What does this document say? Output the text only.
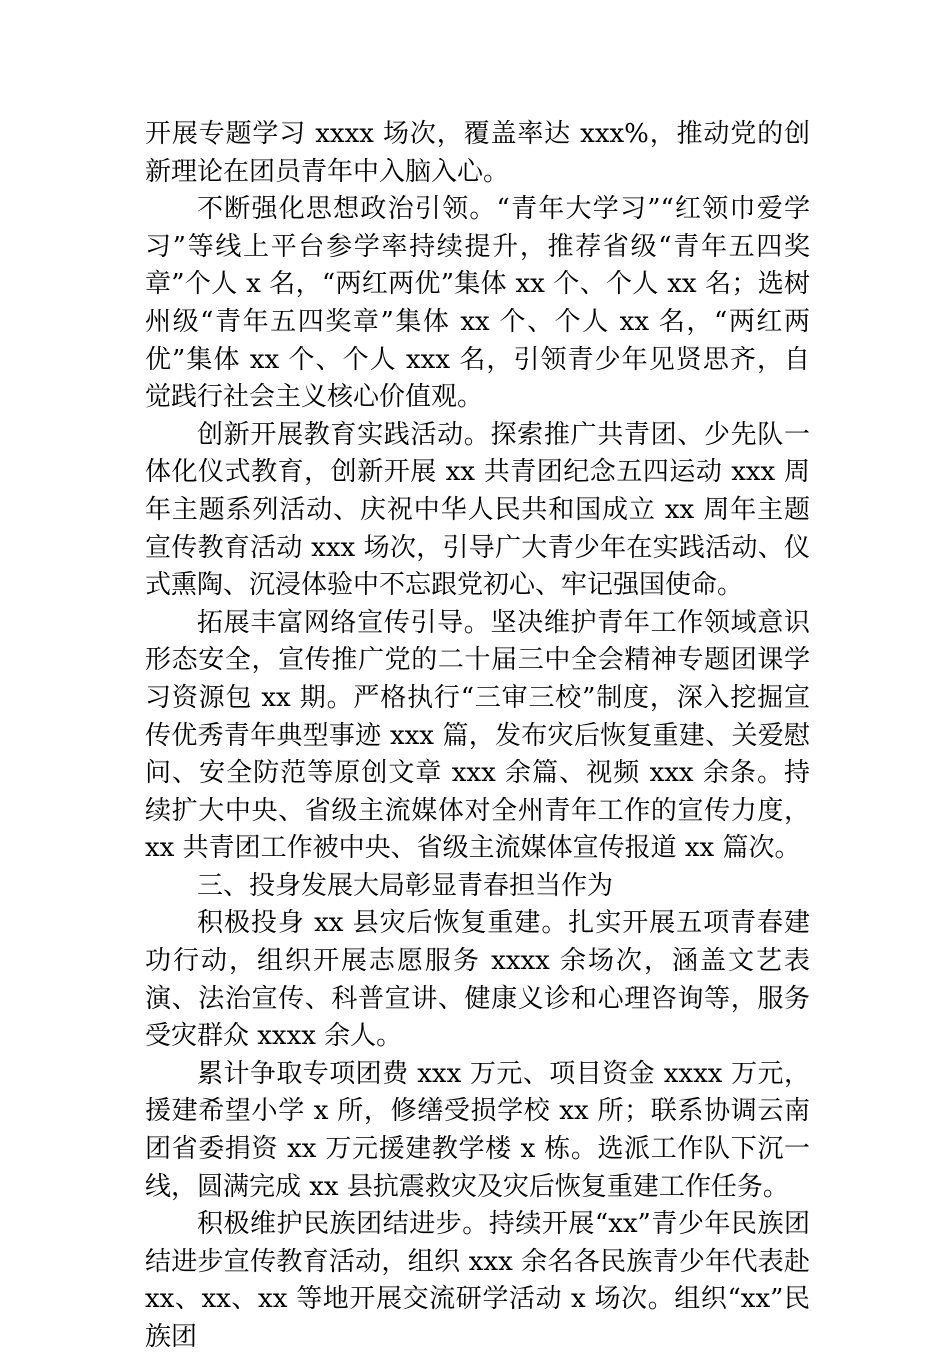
开展专题学习 xxxx 场次，覆盖率达 xxx%，推动党的创新理论在团员青年中入脑入心。

不断强化思想政治引领。“青年大学习”“红领巾爱学习”等线上平台参学率持续提升，推荐省级“青年五四奖章”个人 x 名，“两红两优”集体 xx 个、个人 xx 名；选树州级“青年五四奖章”集体 xx 个、个人 xx 名，“两红两优”集体 xx 个、个人 xxx 名，引领青少年见贤思齐，自觉践行社会主义核心价值观。

创新开展教育实践活动。探索推广共青团、少先队一体化仪式教育，创新开展 xx 共青团纪念五四运动 xxx 周年主题系列活动、庆祝中华人民共和国成立 xx 周年主题宣传教育活动 xxx 场次，引导广大青少年在实践活动、仪式熏陶、沉浸体验中不忘跟党初心、牢记强国使命。

拓展丰富网络宣传引导。坚决维护青年工作领域意识形态安全，宣传推广党的二十届三中全会精神专题团课学习资源包 xx 期。严格执行“三审三校”制度，深入挖掘宣传优秀青年典型事迹 xxx 篇，发布灾后恢复重建、关爱慰问、安全防范等原创文章 xxx 余篇、视频 xxx 余条。持续扩大中央、省级主流媒体对全州青年工作的宣传力度，xx 共青团工作被中央、省级主流媒体宣传报道 xx 篇次。

三、投身发展大局彰显青春担当作为

积极投身 xx 县灾后恢复重建。扎实开展五项青春建功行动，组织开展志愿服务 xxxx 余场次，涵盖文艺表演、法治宣传、科普宣讲、健康义诊和心理咨询等，服务受灾群众 xxxx 余人。

累计争取专项团费 xxx 万元、项目资金 xxxx 万元，援建希望小学 x 所，修缮受损学校 xx 所；联系协调云南团省委捐资 xx 万元援建教学楼 x 栋。选派工作队下沉一线，圆满完成 xx 县抗震救灾及灾后恢复重建工作任务。

积极维护民族团结进步。持续开展“xx”青少年民族团结进步宣传教育活动，组织 xxx 余名各民族青少年代表赴 xx、xx、xx 等地开展交流研学活动 x 场次。组织“xx”民族团
